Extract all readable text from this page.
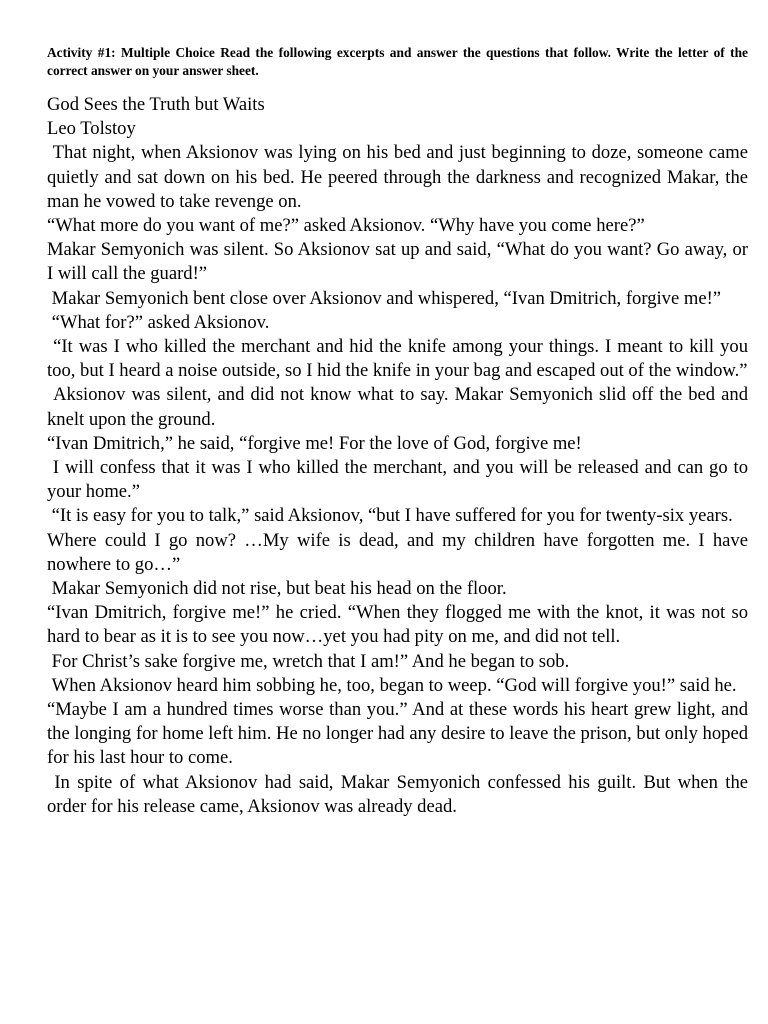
Activity #1: Multiple Choice Read the following excerpts and answer the questions that follow. Write the letter of the correct answer on your answer sheet.

God Sees the Truth but Waits

Leo Tolstoy

That night, when Aksionov was lying on his bed and just beginning to doze, someone came quietly and sat down on his bed. He peered through the darkness and recognized Makar, the man he vowed to take revenge on.

“What more do you want of me?” asked Aksionov. “Why have you come here?”

Makar Semyonich was silent. So Aksionov sat up and said, “What do you want? Go away, or I will call the guard!”

Makar Semyonich bent close over Aksionov and whispered, “Ivan Dmitrich, forgive me!”

“What for?” asked Aksionov.

“It was I who killed the merchant and hid the knife among your things. I meant to kill you too, but I heard a noise outside, so I hid the knife in your bag and escaped out of the window.”

Aksionov was silent, and did not know what to say. Makar Semyonich slid off the bed and knelt upon the ground.

“Ivan Dmitrich,” he said, “forgive me! For the love of God, forgive me!

I will confess that it was I who killed the merchant, and you will be released and can go to your home.”

“It is easy for you to talk,” said Aksionov, “but I have suffered for you for twenty-six years.

Where could I go now? …My wife is dead, and my children have forgotten me. I have nowhere to go…”

Makar Semyonich did not rise, but beat his head on the floor.

“Ivan Dmitrich, forgive me!” he cried. “When they flogged me with the knot, it was not so hard to bear as it is to see you now…yet you had pity on me, and did not tell.

For Christ’s sake forgive me, wretch that I am!” And he began to sob.

When Aksionov heard him sobbing he, too, began to weep. “God will forgive you!” said he.

“Maybe I am a hundred times worse than you.” And at these words his heart grew light, and the longing for home left him. He no longer had any desire to leave the prison, but only hoped for his last hour to come.

In spite of what Aksionov had said, Makar Semyonich confessed his guilt. But when the order for his release came, Aksionov was already dead.
